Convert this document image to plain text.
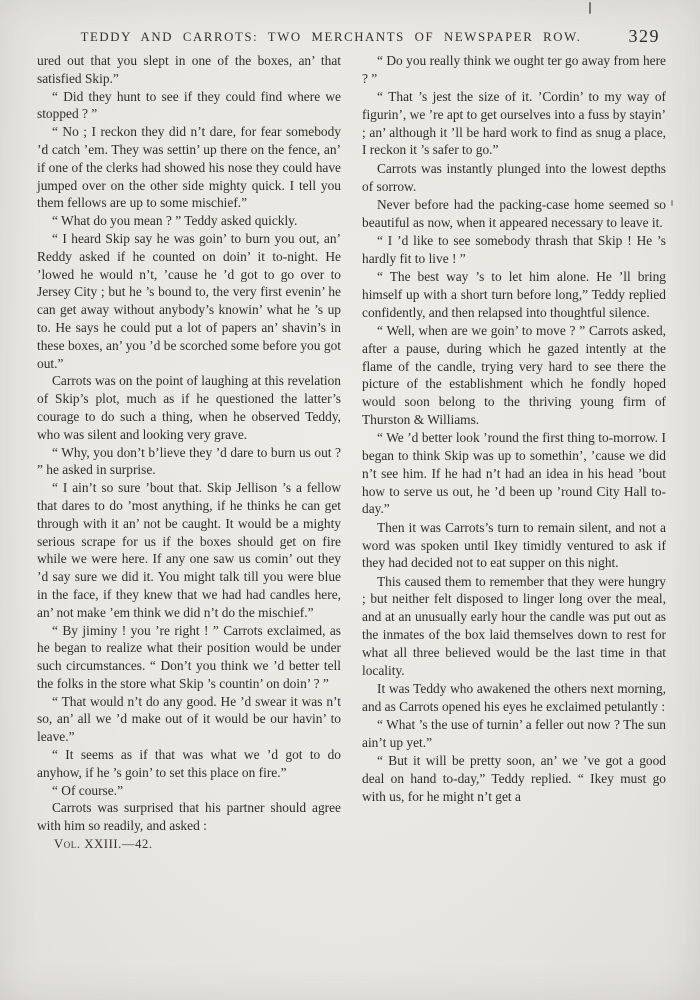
TEDDY AND CARROTS: TWO MERCHANTS OF NEWSPAPER ROW.	329

ured out that you slept in one of the boxes, an’ that satisfied Skip.”

“ Did they hunt to see if they could find where we stopped ? ”

“ No ; I reckon they did n’t dare, for fear somebody ’d catch ’em. They was settin’ up there on the fence, an’ if one of the clerks had showed his nose they could have jumped over on the other side mighty quick. I tell you them fellows are up to some mischief.”

“ What do you mean ? ” Teddy asked quickly.

“ I heard Skip say he was goin’ to burn you out, an’ Reddy asked if he counted on doin’ it to-night. He ’lowed he would n’t, ’cause he ’d got to go over to Jersey City ; but he ’s bound to, the very first evenin’ he can get away without anybody’s knowin’ what he ’s up to. He says he could put a lot of papers an’ shavin’s in these boxes, an’ you ’d be scorched some before you got out.”

Carrots was on the point of laughing at this revelation of Skip’s plot, much as if he questioned the latter’s courage to do such a thing, when he observed Teddy, who was silent and looking very grave.

“ Why, you don’t b’lieve they ’d dare to burn us out ? ” he asked in surprise.

“ I ain’t so sure ’bout that. Skip Jellison ’s a fellow that dares to do ’most anything, if he thinks he can get through with it an’ not be caught. It would be a mighty serious scrape for us if the boxes should get on fire while we were here. If any one saw us comin’ out they ’d say sure we did it. You might talk till you were blue in the face, if they knew that we had had candles here, an’ not make ’em think we did n’t do the mischief.”

“ By jiminy ! you ’re right ! ” Carrots exclaimed, as he began to realize what their position would be under such circumstances. “ Don’t you think we ’d better tell the folks in the store what Skip ’s countin’ on doin’ ? ”

“ That would n’t do any good. He ’d swear it was n’t so, an’ all we ’d make out of it would be our havin’ to leave.”

“ It seems as if that was what we ’d got to do anyhow, if he ’s goin’ to set this place on fire.”

“ Of course.”

Carrots was surprised that his partner should agree with him so readily, and asked :

Vol. XXIII.—42.

“ Do you really think we ought ter go away from here ? ”

“ That ’s jest the size of it. ’Cordin’ to my way of figurin’, we ’re apt to get ourselves into a fuss by stayin’ ; an’ although it ’ll be hard work to find as snug a place, I reckon it ’s safer to go.”

Carrots was instantly plunged into the lowest depths of sorrow.

Never before had the packing-case home seemed so beautiful as now, when it appeared necessary to leave it.

“ I ’d like to see somebody thrash that Skip ! He ’s hardly fit to live ! ”

“ The best way ’s to let him alone. He ’ll bring himself up with a short turn before long,” Teddy replied confidently, and then relapsed into thoughtful silence.

“ Well, when are we goin’ to move ? ” Carrots asked, after a pause, during which he gazed intently at the flame of the candle, trying very hard to see there the picture of the establishment which he fondly hoped would soon belong to the thriving young firm of Thurston & Williams.

“ We ’d better look ’round the first thing to-morrow. I began to think Skip was up to somethin’, ’cause we did n’t see him. If he had n’t had an idea in his head ’bout how to serve us out, he ’d been up ’round City Hall to-day.”

Then it was Carrots’s turn to remain silent, and not a word was spoken until Ikey timidly ventured to ask if they had decided not to eat supper on this night.

This caused them to remember that they were hungry ; but neither felt disposed to linger long over the meal, and at an unusually early hour the candle was put out as the inmates of the box laid themselves down to rest for what all three believed would be the last time in that locality.

It was Teddy who awakened the others next morning, and as Carrots opened his eyes he exclaimed petulantly :

“ What ’s the use of turnin’ a feller out now ? The sun ain’t up yet.”

“ But it will be pretty soon, an’ we ’ve got a good deal on hand to-day,” Teddy replied. “ Ikey must go with us, for he might n’t get a
